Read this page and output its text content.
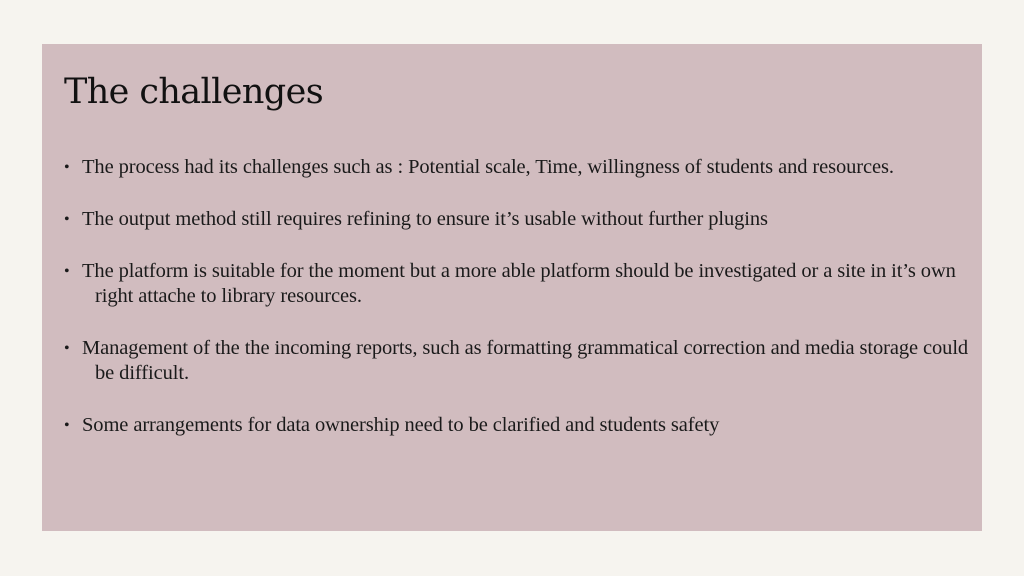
The challenges
• The process had its challenges such as : Potential scale, Time, willingness of students and resources.
• The output method still requires refining to ensure it’s usable without further plugins
• The platform is suitable for the moment but a more able platform should be investigated or a site in it’s own right attache to library resources.
• Management of the the incoming reports, such as formatting grammatical correction and media storage could be difficult.
• Some arrangements for data ownership need to be clarified and students safety
